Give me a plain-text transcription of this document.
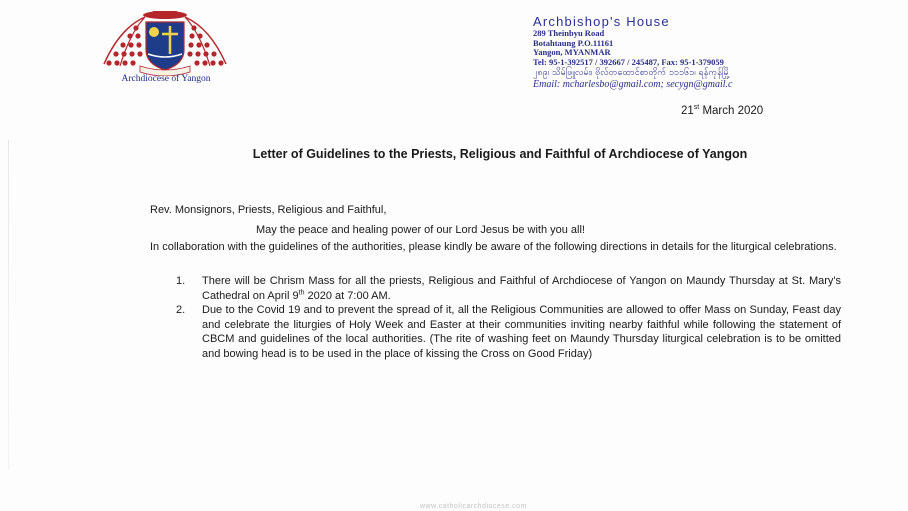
Archdiocese of Yangon
Archbishop's House
289 Theinbyu Road
Botahtaung P.O.11161
Yangon, MYANMAR
Tel: 95-1-392517 / 392667 / 245487, Fax: 95-1-379059
၂၈၉၊ သိမ်ဖြူလမ်း၊ ဗိုလ်တထောင်စာတိုက် ၁၁၁၆၁၊ ရန်ကုန်မြို့
Email: mcharlesbo@gmail.com; secygn@gmail.c
21st March 2020
Letter of Guidelines to the Priests, Religious and Faithful of Archdiocese of Yangon
Rev. Monsignors, Priests, Religious and Faithful,
May the peace and healing power of our Lord Jesus be with you all!
In collaboration with the guidelines of the authorities, please kindly be aware of the following directions in details for the liturgical celebrations.
1. There will be Chrism Mass for all the priests, Religious and Faithful of Archdiocese of Yangon on Maundy Thursday at St. Mary's Cathedral on April 9th 2020 at 7:00 AM.
2. Due to the Covid 19 and to prevent the spread of it, all the Religious Communities are allowed to offer Mass on Sunday, Feast day and celebrate the liturgies of Holy Week and Easter at their communities inviting nearby faithful while following the statement of CBCM and guidelines of the local authorities. (The rite of washing feet on Maundy Thursday liturgical celebration is to be omitted and bowing head is to be used in the place of kissing the Cross on Good Friday)
www.catholicarchdiocese.com
